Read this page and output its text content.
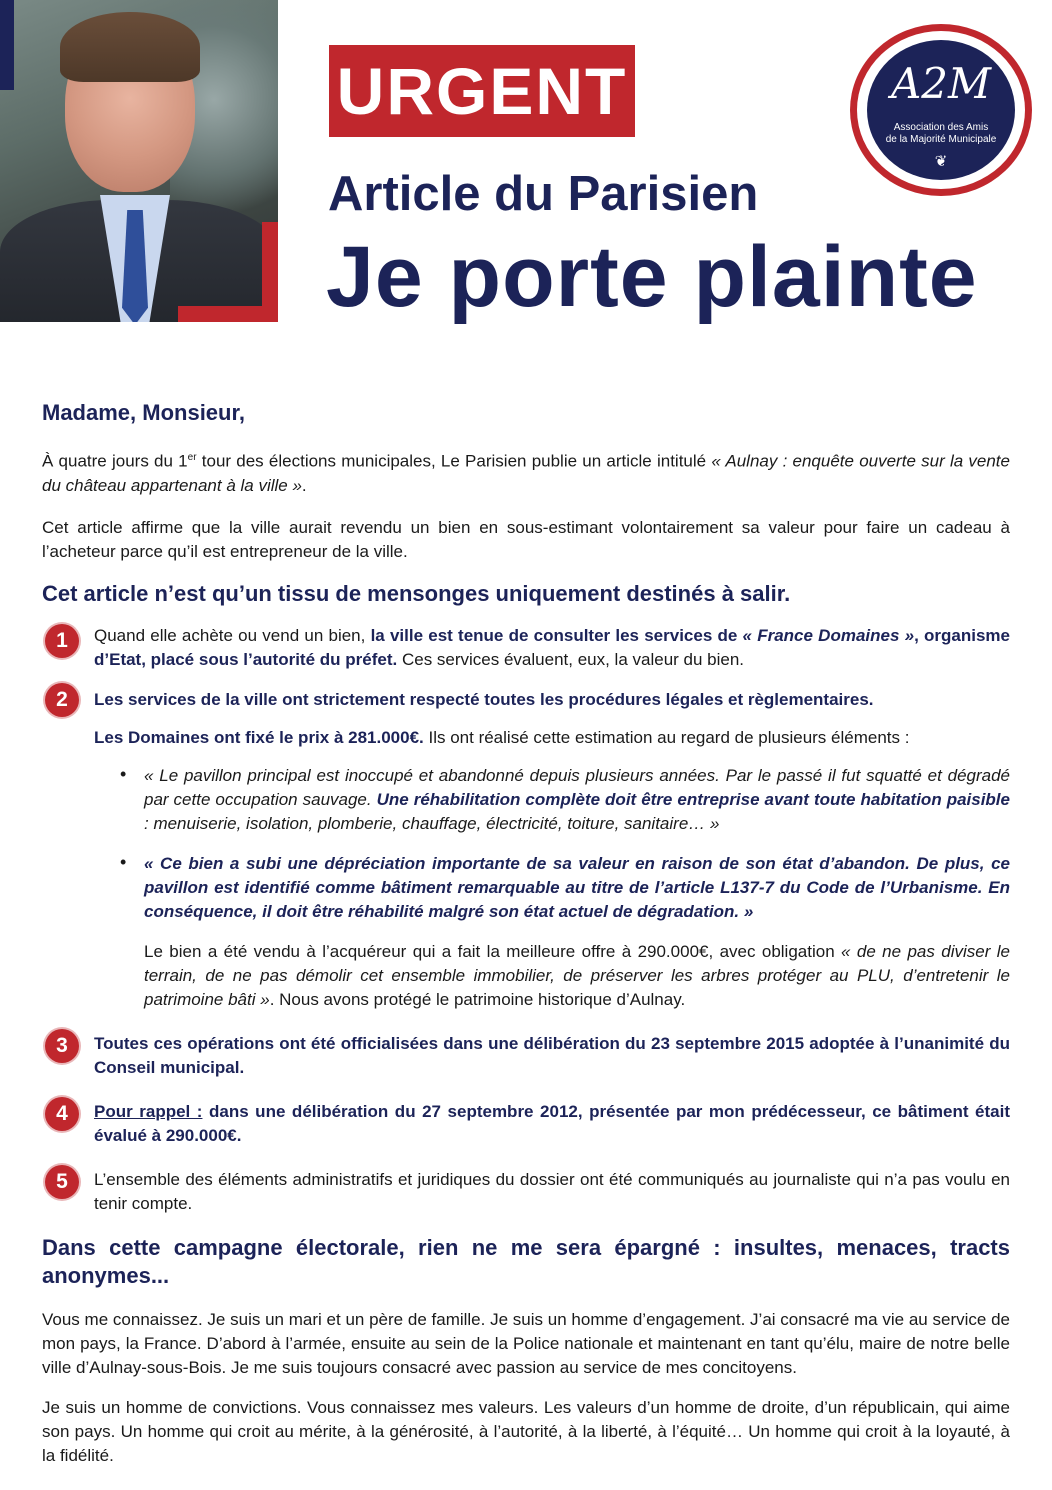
URGENT
Article du Parisien
Je porte plainte
A2M
Association des Amis
de la Majorité Municipale
❦
Madame, Monsieur,

À quatre jours du 1er tour des élections municipales, Le Parisien publie un article intitulé « Aulnay : enquête ouverte sur la vente du château appartenant à la ville ».

Cet article affirme que la ville aurait revendu un bien en sous-estimant volontairement sa valeur pour faire un cadeau à l’acheteur parce qu’il est entrepreneur de la ville.

Cet article n’est qu’un tissu de mensonges uniquement destinés à salir.
1	Quand elle achète ou vend un bien, la ville est tenue de consulter les services de « France Domaines », organisme d’Etat, placé sous l’autorité du préfet. Ces services évaluent, eux, la valeur du bien.

2	Les services de la ville ont strictement respecté toutes les procédures légales et règlementaires.

Les Domaines ont fixé le prix à 281.000€. Ils ont réalisé cette estimation au regard de plusieurs éléments :

• « Le pavillon principal est inoccupé et abandonné depuis plusieurs années. Par le passé il fut squatté et dégradé par cette occupation sauvage. Une réhabilitation complète doit être entreprise avant toute habitation paisible : menuiserie, isolation, plomberie, chauffage, électricité, toiture, sanitaire… »

• « Ce bien a subi une dépréciation importante de sa valeur en raison de son état d’abandon. De plus, ce pavillon est identifié comme bâtiment remarquable au titre de l’article L137-7 du Code de l’Urbanisme. En conséquence, il doit être réhabilité malgré son état actuel de dégradation. »

Le bien a été vendu à l’acquéreur qui a fait la meilleure offre à 290.000€, avec obligation « de ne pas diviser le terrain, de ne pas démolir cet ensemble immobilier, de préserver les arbres protéger au PLU, d’entretenir le patrimoine bâti ». Nous avons protégé le patrimoine historique d’Aulnay.

3	Toutes ces opérations ont été officialisées dans une délibération du 23 septembre 2015 adoptée à l’unanimité du Conseil municipal.

4	Pour rappel : dans une délibération du 27 septembre 2012, présentée par mon prédécesseur, ce bâtiment était évalué à 290.000€.

5	L’ensemble des éléments administratifs et juridiques du dossier ont été communiqués au journaliste qui n’a pas voulu en tenir compte.

Dans cette campagne électorale, rien ne me sera épargné : insultes, menaces, tracts anonymes...

Vous me connaissez. Je suis un mari et un père de famille. Je suis un homme d’engagement. J’ai consacré ma vie au service de mon pays, la France. D’abord à l’armée, ensuite au sein de la Police nationale et maintenant en tant qu’élu, maire de notre belle ville d’Aulnay-sous-Bois. Je me suis toujours consacré avec passion au service de mes concitoyens.

Je suis un homme de convictions. Vous connaissez mes valeurs. Les valeurs d’un homme de droite, d’un républicain, qui aime son pays. Un homme qui croit au mérite, à la générosité, à l’autorité, à la liberté, à l’équité… Un homme qui croit à la loyauté, à la fidélité.
